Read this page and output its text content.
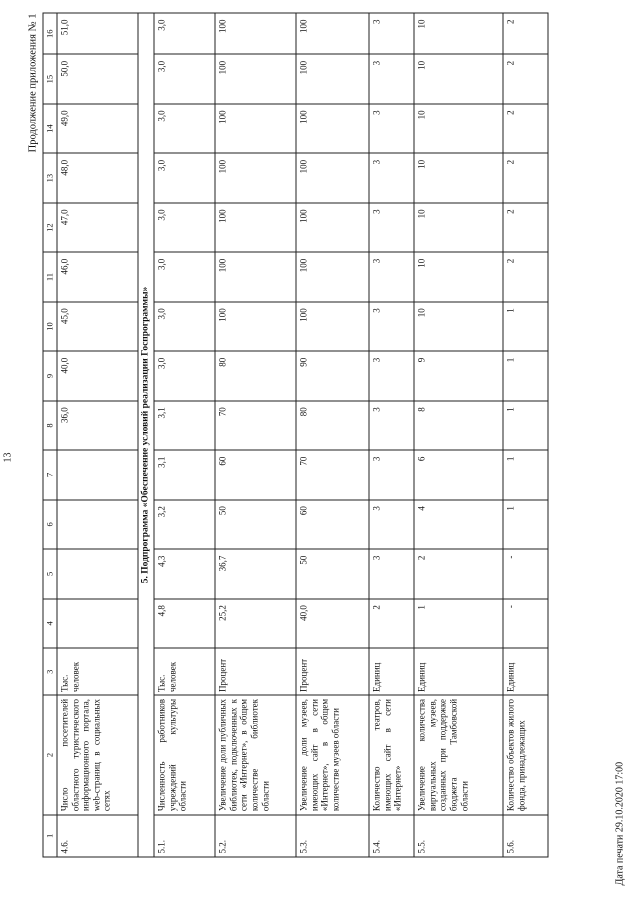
13
Продолжение приложения № 1
1	2	3	4	5	6	7	8	9	10	11	12	13	14	15	16
4.6.	Число посетителей областного туристического информационного портала, web-страниц в социальных сетях	Тыс. человек					36,0	40,0	45,0	46,0	47,0	48,0	49,0	50,0	51,0
5. Подпрограмма «Обеспечение условий реализации Госпрограммы»															
5.1.	Численность работников учреждений культуры области	Тыс. человек	4,8	4,3	3,2	3,1	3,1	3,0	3,0	3,0	3,0	3,0	3,0	3,0	3,0
5.2.	Увеличение доли публичных библиотек, подключенных к сети «Интернет», в общем количестве библиотек области	Процент	25,2	36,7	50	60	70	80	100	100	100	100	100	100	100
5.3.	Увеличение доли музеев, имеющих сайт в сети «Интернет», в общем количестве музеев области	Процент	40,0	50	60	70	80	90	100	100	100	100	100	100	100
5.4.	Количество театров, имеющих сайт в сети «Интернет»	Единиц	2	3	3	3	3	3	3	3	3	3	3	3	3
5.5.	Увеличение количества виртуальных музеев, созданных при поддержке бюджета Тамбовской области	Единиц	1	2	4	6	8	9	10	10	10	10	10	10	10
5.6.	Количество объектов жилого фонда, принадлежащих	Единиц	-	-	1	1	1	1	1	2	2	2	2	2	2
Дата печати 29.10.2020 17:00
